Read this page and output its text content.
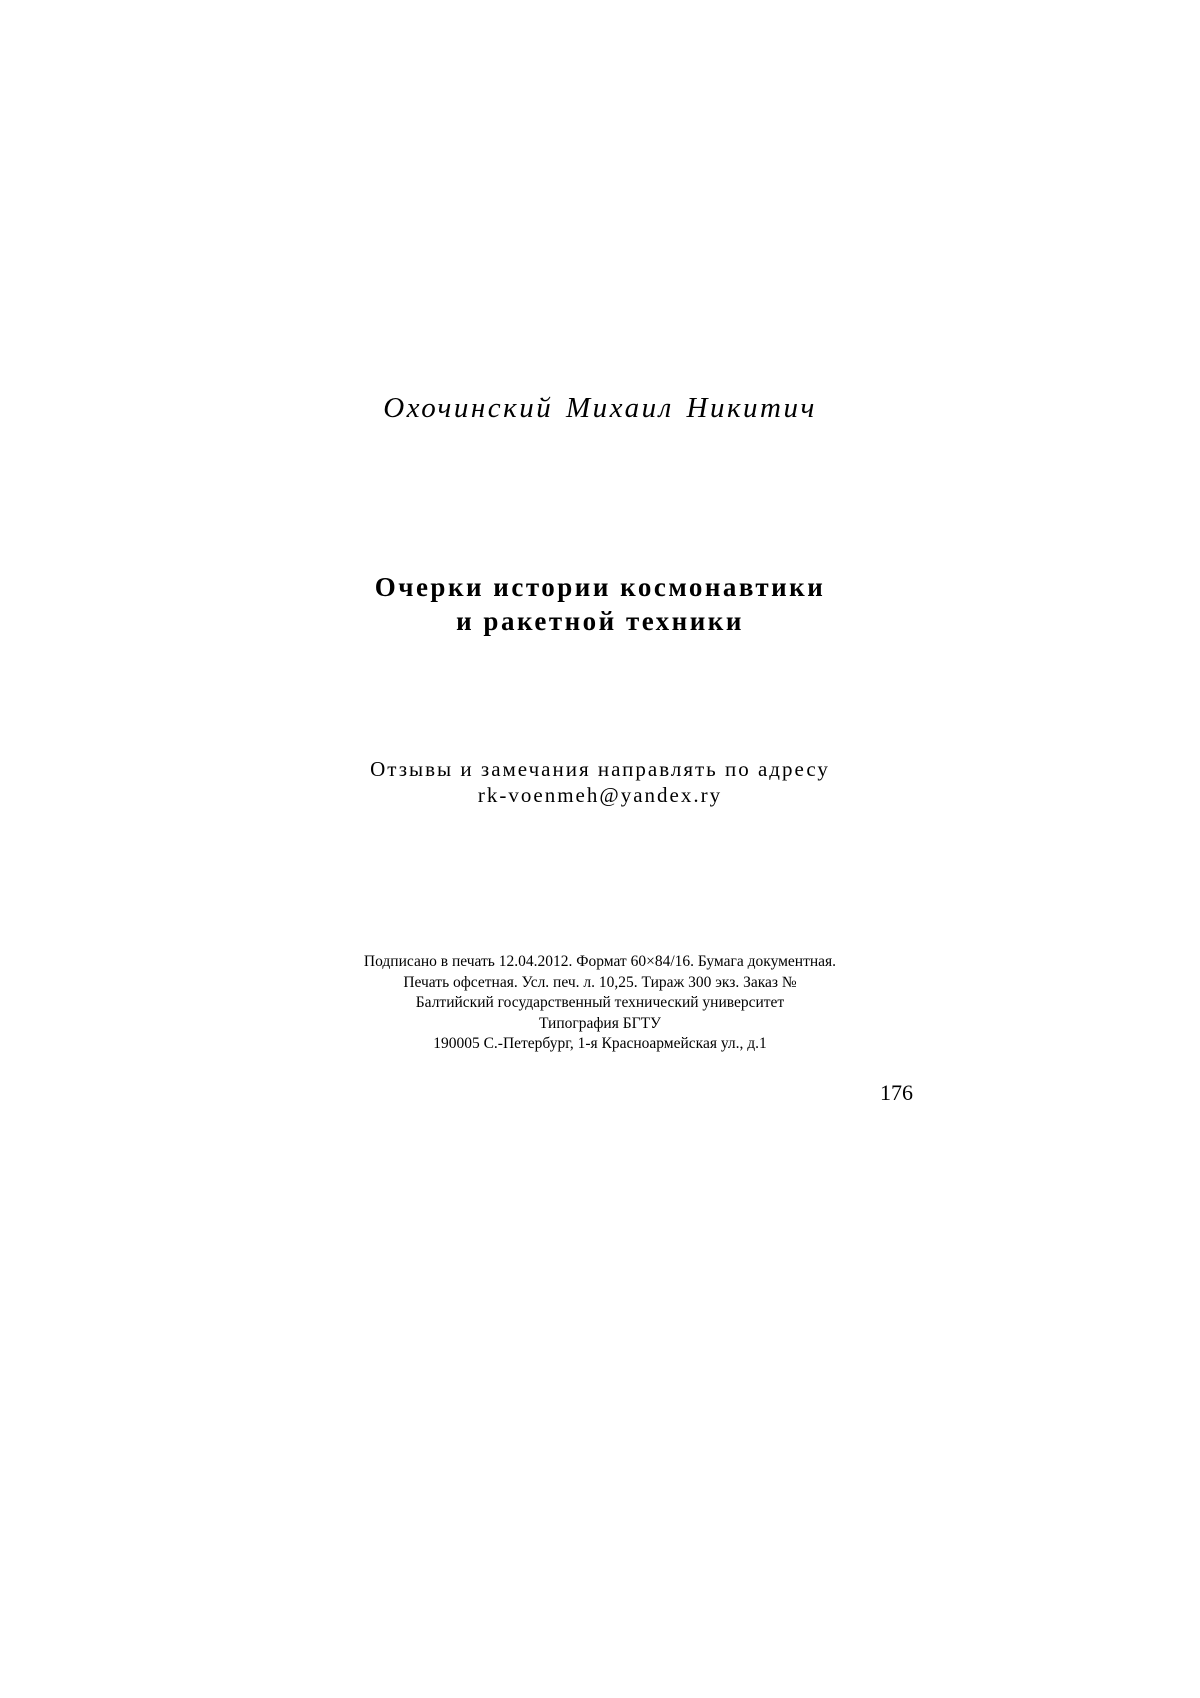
Охочинский Михаил Никитич
Очерки истории космонавтики
и ракетной техники
Отзывы и замечания направлять по адресу
rk-voenmeh@yandex.ry
Подписано в печать 12.04.2012. Формат 60×84/16. Бумага документная.
Печать офсетная. Усл. печ. л. 10,25. Тираж 300 экз. Заказ №
Балтийский государственный технический университет
Типография БГТУ
190005 С.-Петербург, 1-я Красноармейская ул., д.1
176
